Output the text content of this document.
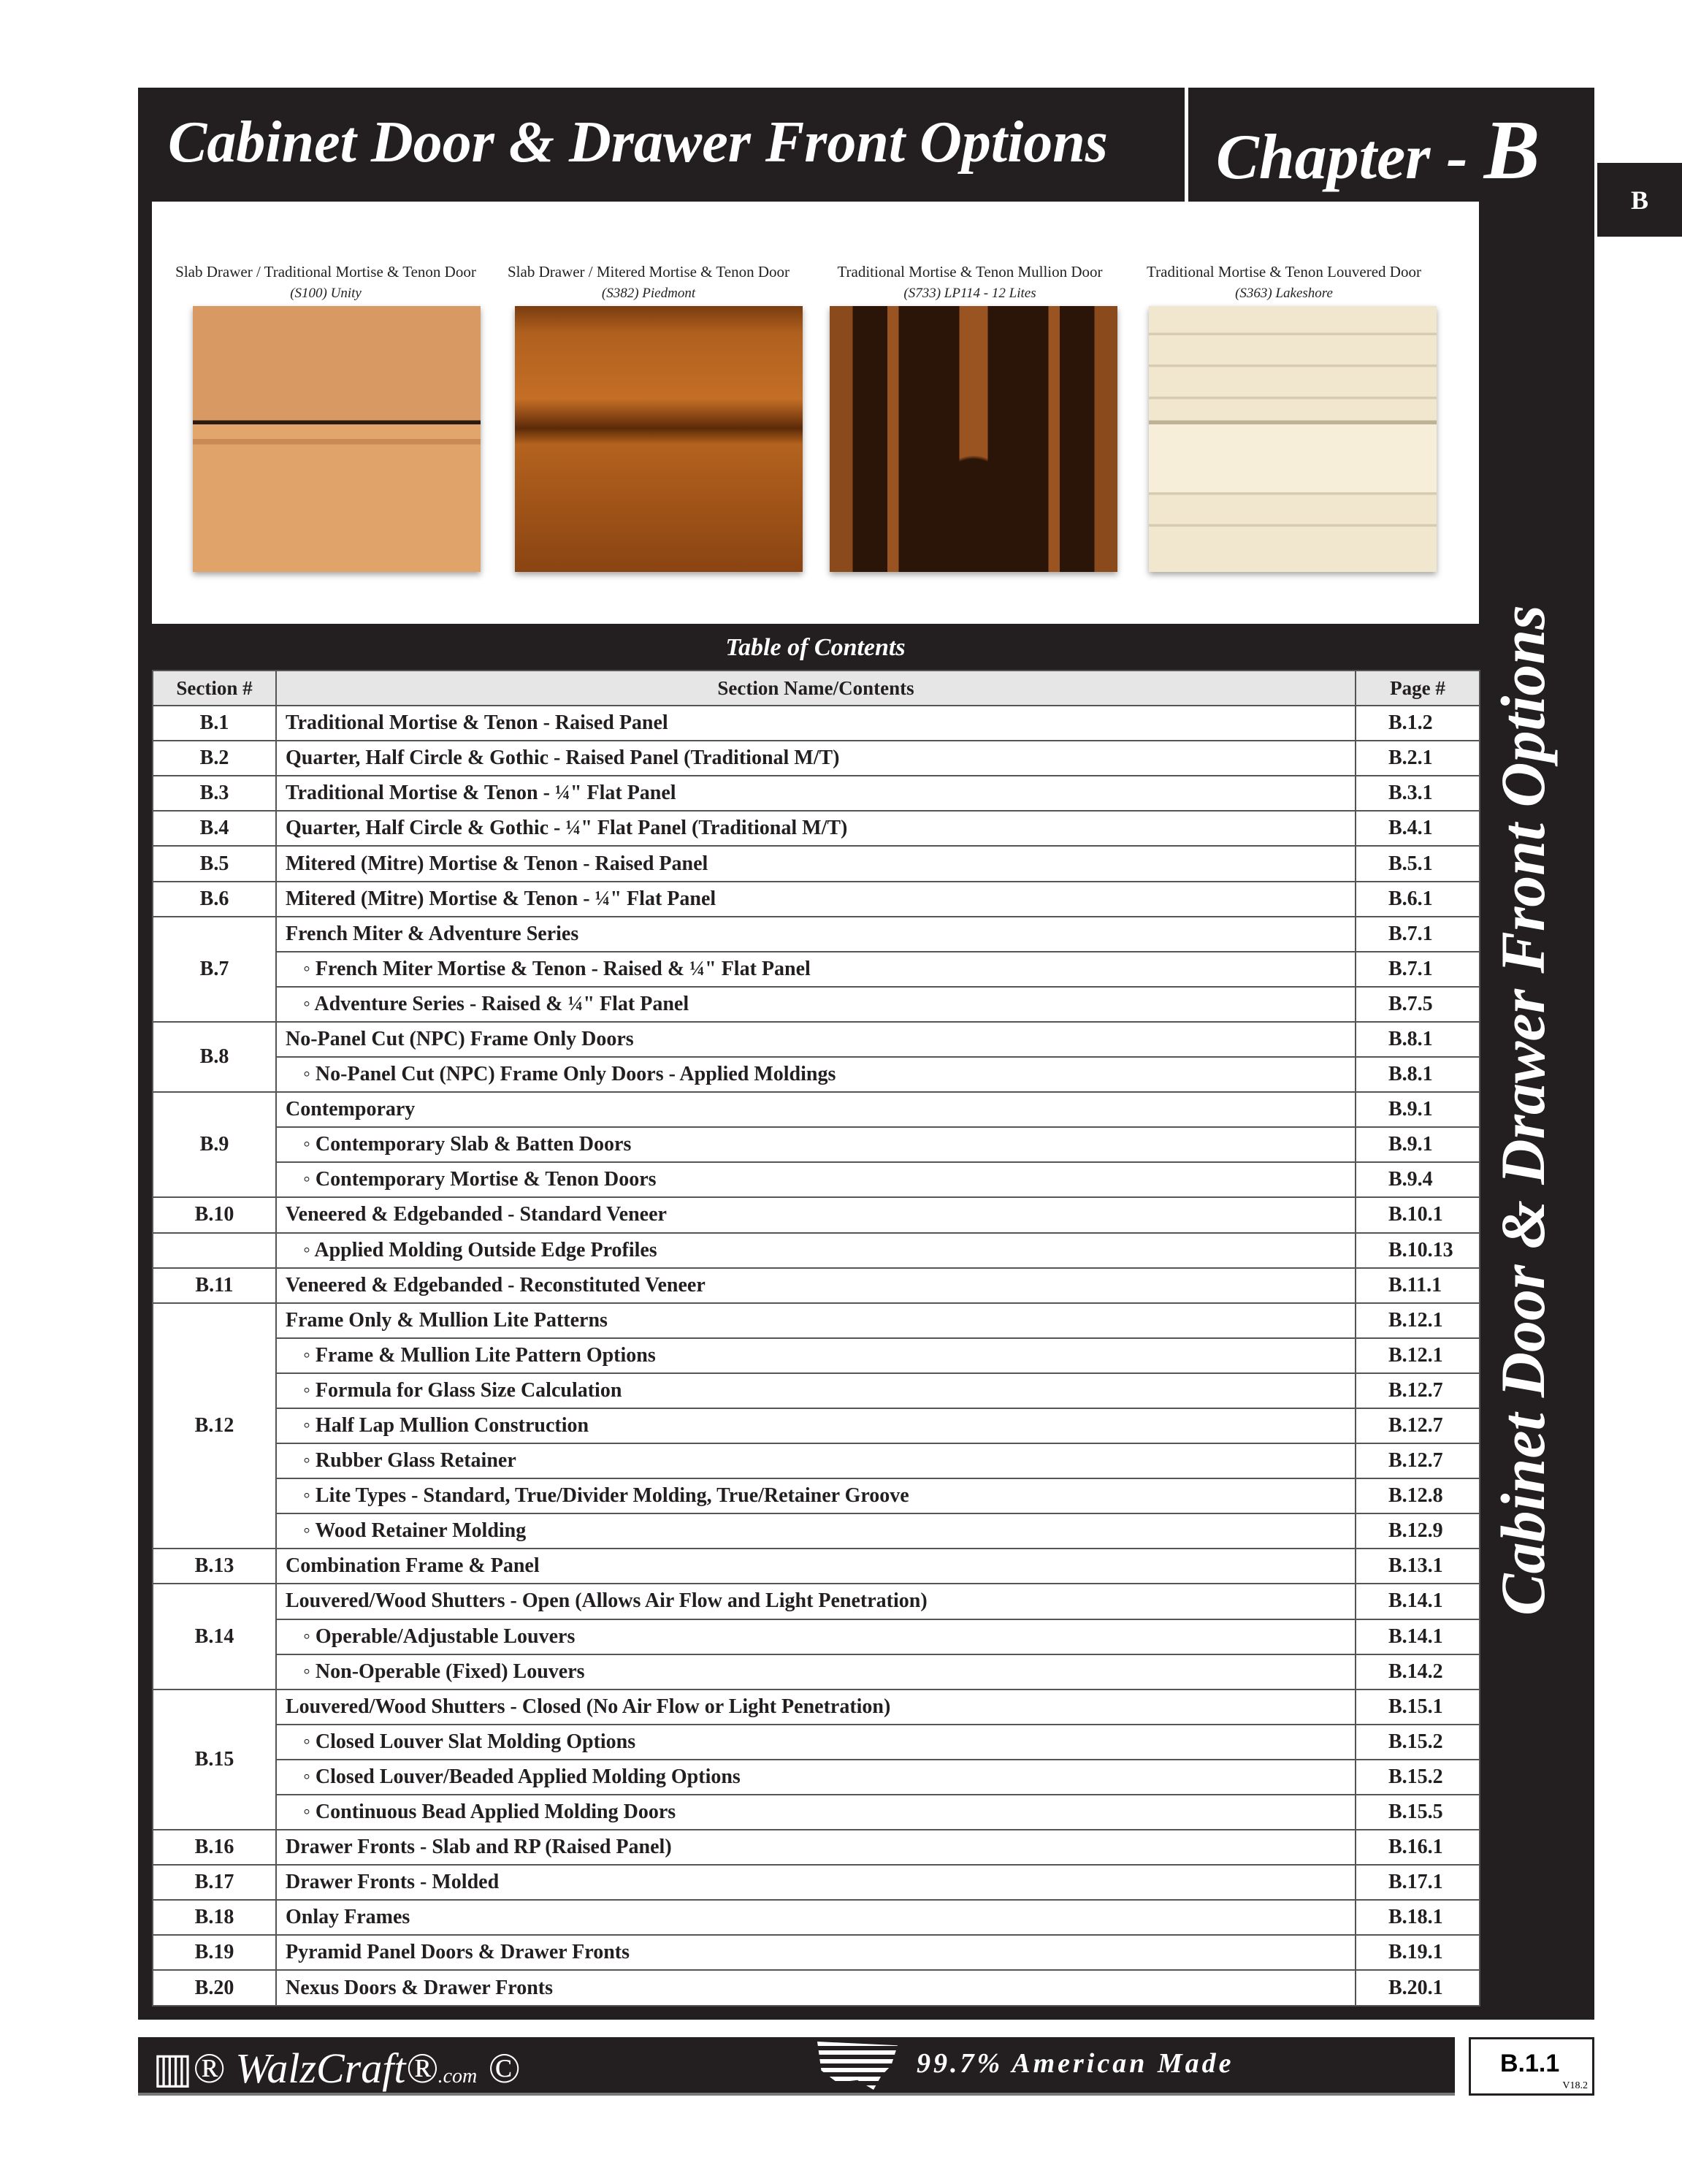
Cabinet Door & Drawer Front Options Chapter - B
B
Slab Drawer / Traditional Mortise & Tenon Door
(S100) Unity
Slab Drawer / Mitered Mortise & Tenon Door
(S382) Piedmont
Traditional Mortise & Tenon Mullion Door
(S733) LP114 - 12 Lites
Traditional Mortise & Tenon Louvered Door
(S363) Lakeshore
Cabinet Door & Drawer Front Options
Table of Contents
Section #	Section Name/Contents	Page #
B.1	Traditional Mortise & Tenon - Raised Panel	B.1.2
B.2	Quarter, Half Circle & Gothic - Raised Panel (Traditional M/T)	B.2.1
B.3	Traditional Mortise & Tenon - ¼" Flat Panel	B.3.1
B.4	Quarter, Half Circle & Gothic - ¼" Flat Panel (Traditional M/T)	B.4.1
B.5	Mitered (Mitre) Mortise & Tenon - Raised Panel	B.5.1
B.6	Mitered (Mitre) Mortise & Tenon - ¼" Flat Panel	B.6.1
B.7	French Miter & Adventure Series	B.7.1
	◦ French Miter Mortise & Tenon - Raised & ¼" Flat Panel	B.7.1
	◦ Adventure Series - Raised & ¼" Flat Panel	B.7.5
B.8	No-Panel Cut (NPC) Frame Only Doors	B.8.1
	◦ No-Panel Cut (NPC) Frame Only Doors - Applied Moldings	B.8.1
B.9	Contemporary	B.9.1
	◦ Contemporary Slab & Batten Doors	B.9.1
	◦ Contemporary Mortise & Tenon Doors	B.9.4
B.10	Veneered & Edgebanded - Standard Veneer	B.10.1
	◦ Applied Molding Outside Edge Profiles	B.10.13
B.11	Veneered & Edgebanded - Reconstituted Veneer	B.11.1
B.12	Frame Only & Mullion Lite Patterns	B.12.1
	◦ Frame & Mullion Lite Pattern Options	B.12.1
	◦ Formula for Glass Size Calculation	B.12.7
	◦ Half Lap Mullion Construction	B.12.7
	◦ Rubber Glass Retainer	B.12.7
	◦ Lite Types - Standard, True/Divider Molding, True/Retainer Groove	B.12.8
	◦ Wood Retainer Molding	B.12.9
B.13	Combination Frame & Panel	B.13.1
B.14	Louvered/Wood Shutters - Open (Allows Air Flow and Light Penetration)	B.14.1
	◦ Operable/Adjustable Louvers	B.14.1
	◦ Non-Operable (Fixed) Louvers	B.14.2
B.15	Louvered/Wood Shutters - Closed (No Air Flow or Light Penetration)	B.15.1
	◦ Closed Louver Slat Molding Options	B.15.2
	◦ Closed Louver/Beaded Applied Molding Options	B.15.2
	◦ Continuous Bead Applied Molding Doors	B.15.5
B.16	Drawer Fronts - Slab and RP (Raised Panel)	B.16.1
B.17	Drawer Fronts - Molded	B.17.1
B.18	Onlay Frames	B.18.1
B.19	Pyramid Panel Doors & Drawer Fronts	B.19.1
B.20	Nexus Doors & Drawer Fronts	B.20.1
▥® WalzCraft®.com ©	99.7% American Made	B.1.1
V18.2
